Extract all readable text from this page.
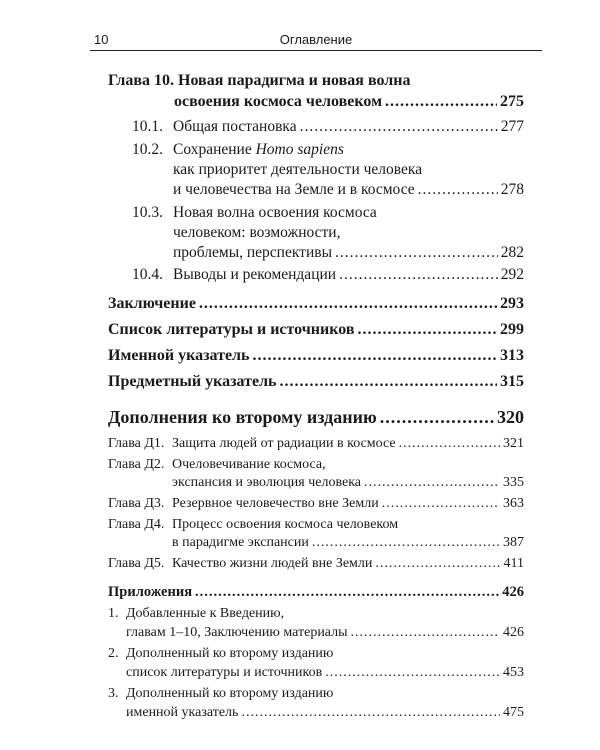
10	Оглавление
Глава 10. Новая парадигма и новая волна
освоения космоса человеком .....	275
10.1. Общая постановка .....	277
10.2. Сохранение Homo sapiens
как приоритет деятельности человека
и человечества на Земле и в космосе .....	278
10.3. Новая волна освоения космоса
человеком: возможности,
проблемы, перспективы .....	282
10.4. Выводы и рекомендации .....	292
Заключение .....	293
Список литературы и источников .....	299
Именной указатель .....	313
Предметный указатель .....	315
Дополнения ко второму изданию .....	320
Глава Д1. Защита людей от радиации в космосе .....	321
Глава Д2. Очеловечивание космоса,
экспансия и эволюция человека .....	335
Глава Д3. Резервное человечество вне Земли .....	363
Глава Д4. Процесс освоения космоса человеком
в парадигме экспансии .....	387
Глава Д5. Качество жизни людей вне Земли .....	411
Приложения .....	426
1. Добавленные к Введению,
главам 1–10, Заключению материалы .....	426
2. Дополненный ко второму изданию
список литературы и источников .....	453
3. Дополненный ко второму изданию
именной указатель .....	475
